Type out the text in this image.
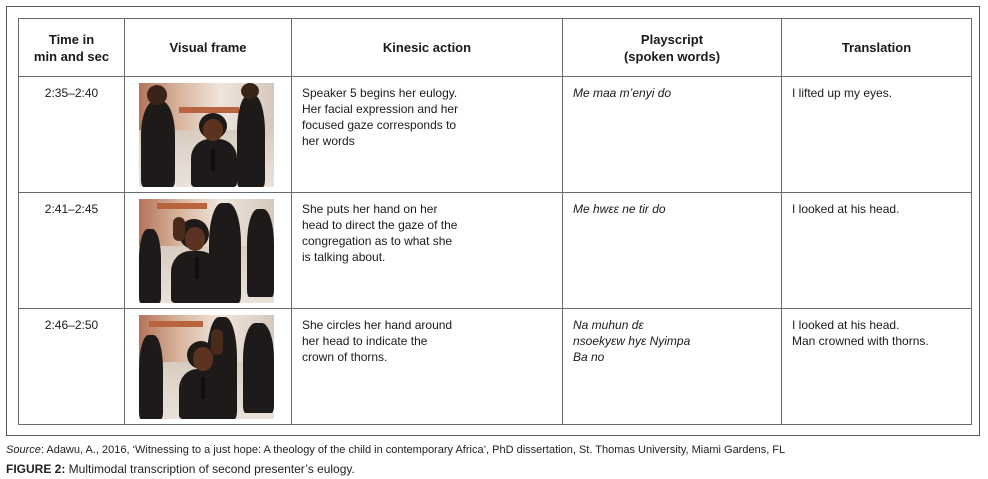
Time in
min and sec	Visual frame	Kinesic action	Playscript
(spoken words)	Translation

2:35–2:40		Speaker 5 begins her eulogy.
Her facial expression and her
focused gaze corresponds to
her words	Me maa m’enyi do	I lifted up my eyes.

2:41–2:45		She puts her hand on her
head to direct the gaze of the
congregation as to what she
is talking about.	Me hwɛɛ ne tir do	I looked at his head.

2:46–2:50		She circles her hand around
her head to indicate the
crown of thorns.	Na muhun dɛ
nsoekyɛw hyɛ Nyimpa
Ba no	I looked at his head.
Man crowned with thorns.
Source: Adawu, A., 2016, ‘Witnessing to a just hope: A theology of the child in contemporary Africa’, PhD dissertation, St. Thomas University, Miami Gardens, FL
FIGURE 2: Multimodal transcription of second presenter’s eulogy.
